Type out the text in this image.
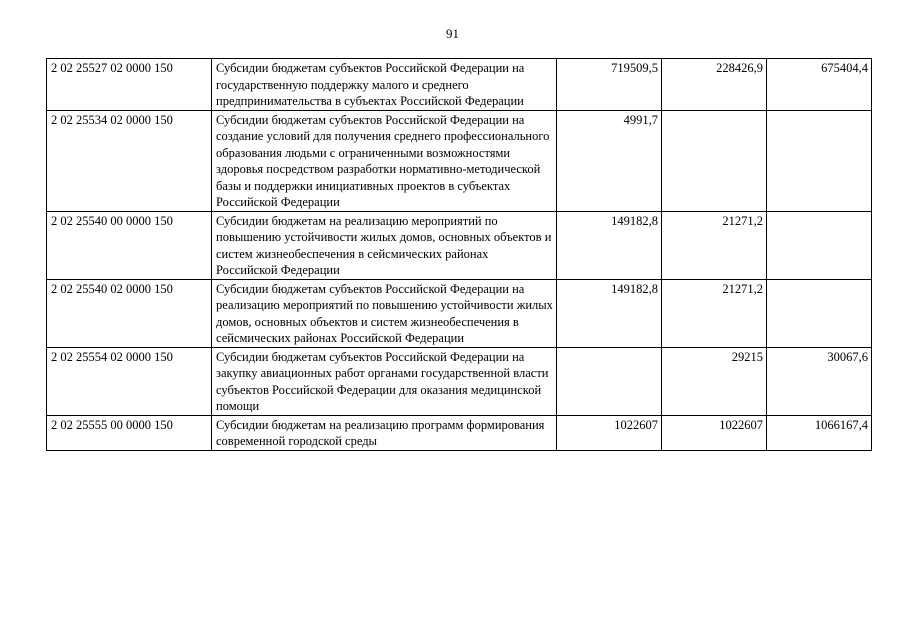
91
2 02 25527 02 0000 150	Субсидии бюджетам субъектов Российской Федерации на государственную поддержку малого и среднего предпринимательства в субъектах Российской Федерации	719509,5	228426,9	675404,4
2 02 25534 02 0000 150	Субсидии бюджетам субъектов Российской Федерации на создание условий для получения среднего профессионального образования людьми с ограниченными возможностями здоровья посредством разработки нормативно-методической базы и поддержки инициативных проектов в субъектах Российской Федерации	4991,7		
2 02 25540 00 0000 150	Субсидии бюджетам на реализацию мероприятий по повышению устойчивости жилых домов, основных объектов и систем жизнеобеспечения в сейсмических районах Российской Федерации	149182,8	21271,2	
2 02 25540 02 0000 150	Субсидии бюджетам субъектов Российской Федерации на реализацию мероприятий по повышению устойчивости жилых домов, основных объектов и систем жизнеобеспечения в сейсмических районах Российской Федерации	149182,8	21271,2	
2 02 25554 02 0000 150	Субсидии бюджетам субъектов Российской Федерации на закупку авиационных работ органами государственной власти субъектов Российской Федерации для оказания медицинской помощи		29215	30067,6
2 02 25555 00 0000 150	Субсидии бюджетам на реализацию программ формирования современной городской среды	1022607	1022607	1066167,4
